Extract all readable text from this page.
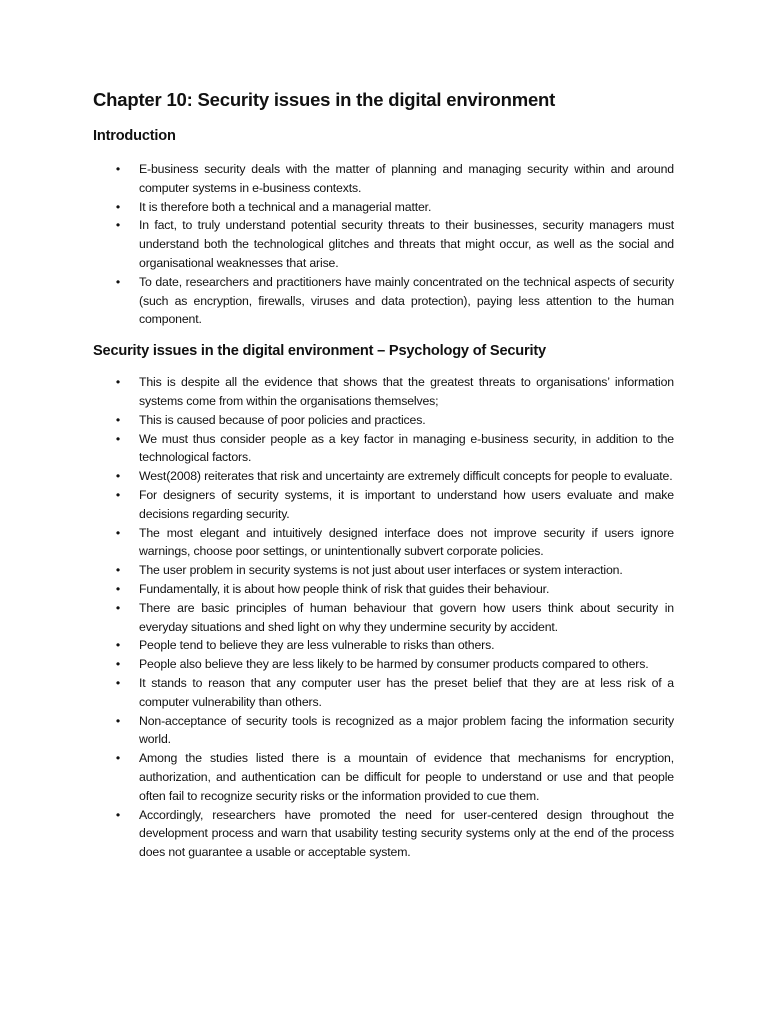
Chapter 10: Security issues in the digital environment
Introduction
• E-business security deals with the matter of planning and managing security within and around computer systems in e-business contexts.
• It is therefore both a technical and a managerial matter.
• In fact, to truly understand potential security threats to their businesses, security managers must understand both the technological glitches and threats that might occur, as well as the social and organisational weaknesses that arise.
• To date, researchers and practitioners have mainly concentrated on the technical aspects of security (such as encryption, firewalls, viruses and data protection), paying less attention to the human component.
Security issues in the digital environment – Psychology of Security
• This is despite all the evidence that shows that the greatest threats to organisations’ information systems come from within the organisations themselves;
• This is caused because of poor policies and practices.
• We must thus consider people as a key factor in managing e-business security, in addition to the technological factors.
• West(2008) reiterates that risk and uncertainty are extremely difficult concepts for people to evaluate.
• For designers of security systems, it is important to understand how users evaluate and make decisions regarding security.
• The most elegant and intuitively designed interface does not improve security if users ignore warnings, choose poor settings, or unintentionally subvert corporate policies.
• The user problem in security systems is not just about user interfaces or system interaction.
• Fundamentally, it is about how people think of risk that guides their behaviour.
• There are basic principles of human behaviour that govern how users think about security in everyday situations and shed light on why they undermine security by accident.
• People tend to believe they are less vulnerable to risks than others.
• People also believe they are less likely to be harmed by consumer products compared to others.
• It stands to reason that any computer user has the preset belief that they are at less risk of a computer vulnerability than others.
• Non-acceptance of security tools is recognized as a major problem facing the information security world.
• Among the studies listed there is a mountain of evidence that mechanisms for encryption, authorization, and authentication can be difficult for people to understand or use and that people often fail to recognize security risks or the information provided to cue them.
• Accordingly, researchers have promoted the need for user-centered design throughout the development process and warn that usability testing security systems only at the end of the process does not guarantee a usable or acceptable system.
